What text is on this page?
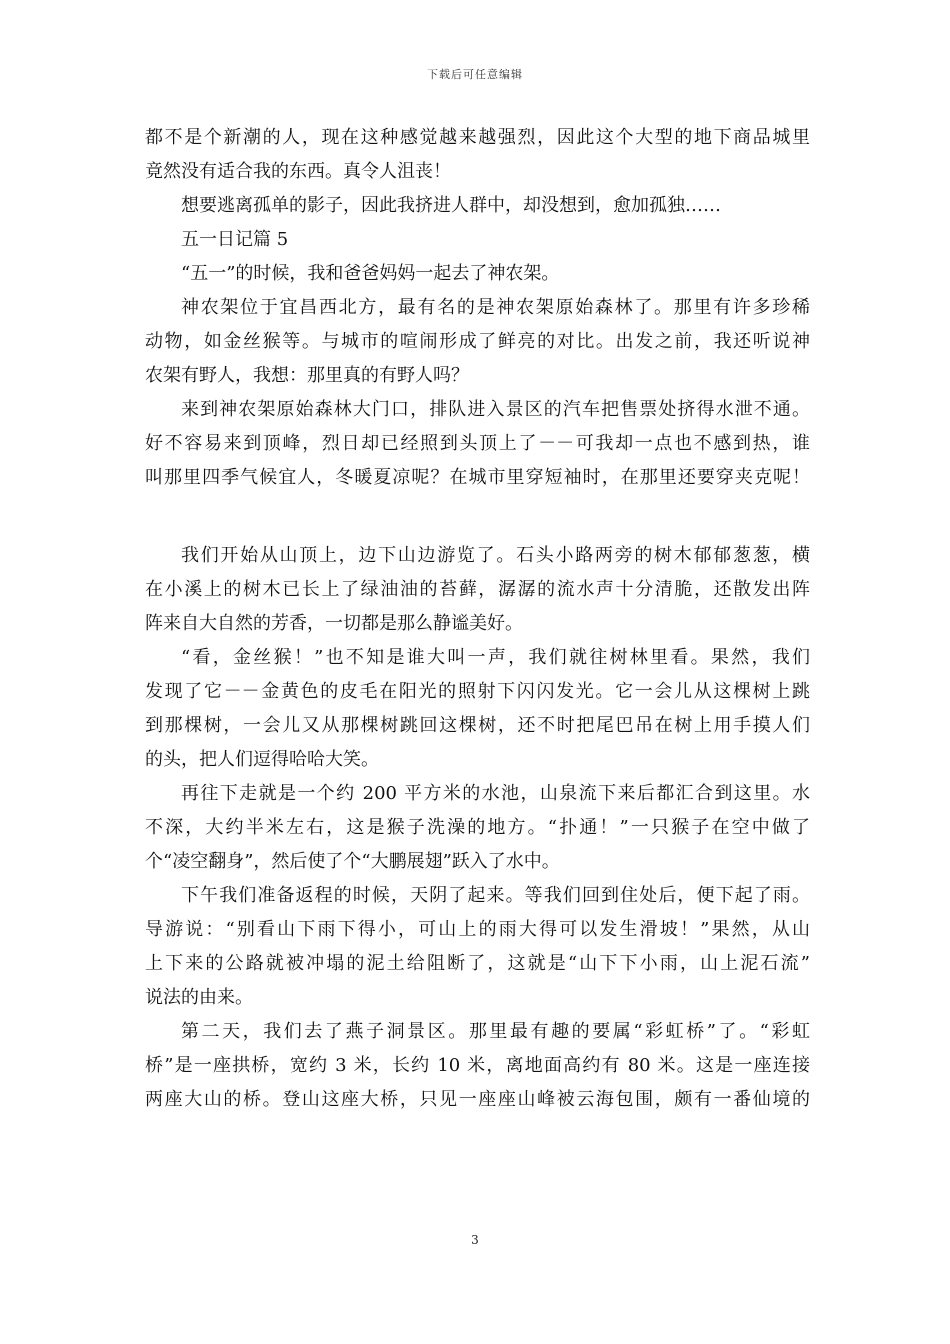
下载后可任意编辑
都不是个新潮的人，现在这种感觉越来越强烈，因此这个大型的地下商品城里
竟然没有适合我的东西。真令人沮丧！
想要逃离孤单的影子，因此我挤进人群中，却没想到，愈加孤独……
五一日记篇 5
“五一”的时候，我和爸爸妈妈一起去了神农架。
神农架位于宜昌西北方，最有名的是神农架原始森林了。那里有许多珍稀
动物，如金丝猴等。与城市的喧闹形成了鲜亮的对比。出发之前，我还听说神
农架有野人，我想：那里真的有野人吗？
来到神农架原始森林大门口，排队进入景区的汽车把售票处挤得水泄不通。
好不容易来到顶峰，烈日却已经照到头顶上了－－可我却一点也不感到热，谁
叫那里四季气候宜人，冬暖夏凉呢？在城市里穿短袖时，在那里还要穿夹克呢！
我们开始从山顶上，边下山边游览了。石头小路两旁的树木郁郁葱葱，横
在小溪上的树木已长上了绿油油的苔藓，潺潺的流水声十分清脆，还散发出阵
阵来自大自然的芳香，一切都是那么静谧美好。
“看，金丝猴！”也不知是谁大叫一声，我们就往树林里看。果然，我们
发现了它－－金黄色的皮毛在阳光的照射下闪闪发光。它一会儿从这棵树上跳
到那棵树，一会儿又从那棵树跳回这棵树，还不时把尾巴吊在树上用手摸人们
的头，把人们逗得哈哈大笑。
再往下走就是一个约 200 平方米的水池，山泉流下来后都汇合到这里。水
不深，大约半米左右，这是猴子洗澡的地方。“扑通！”一只猴子在空中做了
个“凌空翻身”，然后使了个“大鹏展翅”跃入了水中。
下午我们准备返程的时候，天阴了起来。等我们回到住处后，便下起了雨。
导游说：“别看山下雨下得小，可山上的雨大得可以发生滑坡！”果然，从山
上下来的公路就被冲塌的泥土给阻断了，这就是“山下下小雨，山上泥石流”
说法的由来。
第二天，我们去了燕子洞景区。那里最有趣的要属“彩虹桥”了。“彩虹
桥”是一座拱桥，宽约 3 米，长约 10 米，离地面高约有 80 米。这是一座连接
两座大山的桥。登山这座大桥，只见一座座山峰被云海包围，颇有一番仙境的
3
